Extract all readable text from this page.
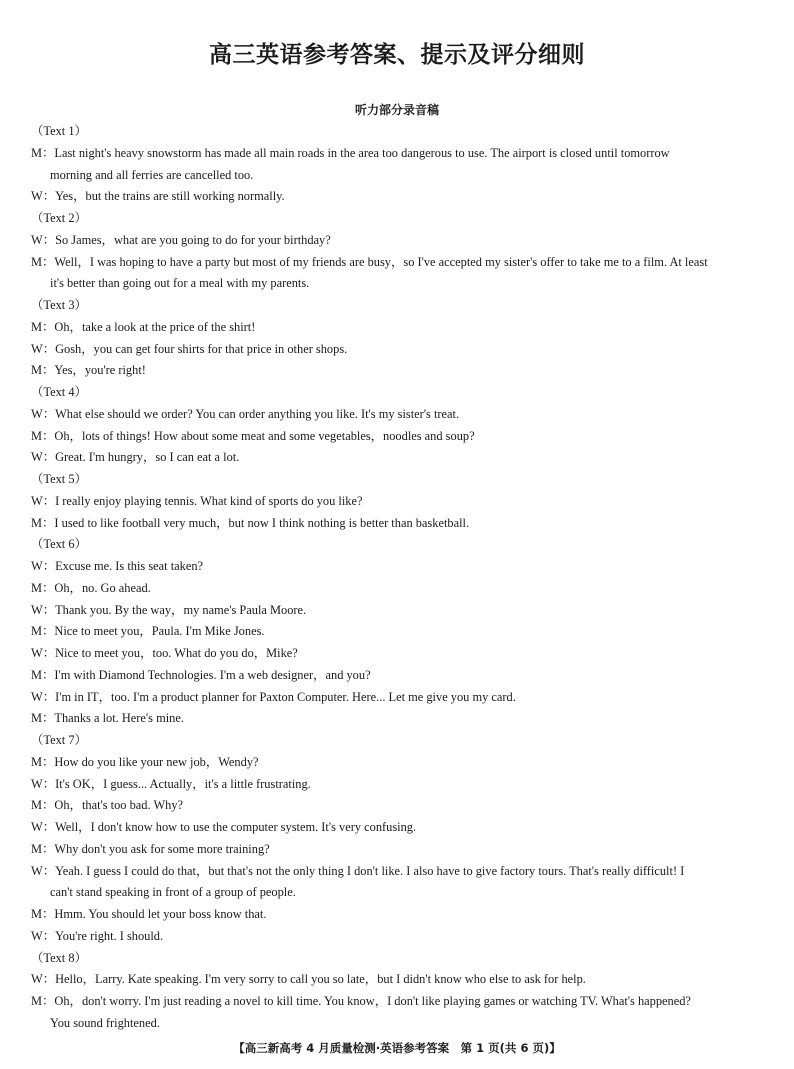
高三英语参考答案、提示及评分细则
听力部分录音稿
（Text 1）
M：Last night's heavy snowstorm has made all main roads in the area too dangerous to use. The airport is closed until tomorrow
morning and all ferries are cancelled too.
W：Yes，but the trains are still working normally.
（Text 2）
W：So James，what are you going to do for your birthday?
M：Well，I was hoping to have a party but most of my friends are busy，so I've accepted my sister's offer to take me to a film. At least
it's better than going out for a meal with my parents.
（Text 3）
M：Oh，take a look at the price of the shirt!
W：Gosh，you can get four shirts for that price in other shops.
M：Yes，you're right!
（Text 4）
W：What else should we order? You can order anything you like. It's my sister's treat.
M：Oh，lots of things! How about some meat and some vegetables，noodles and soup?
W：Great. I'm hungry，so I can eat a lot.
（Text 5）
W：I really enjoy playing tennis. What kind of sports do you like?
M：I used to like football very much，but now I think nothing is better than basketball.
（Text 6）
W：Excuse me. Is this seat taken?
M：Oh，no. Go ahead.
W：Thank you. By the way，my name's Paula Moore.
M：Nice to meet you，Paula. I'm Mike Jones.
W：Nice to meet you，too. What do you do，Mike?
M：I'm with Diamond Technologies. I'm a web designer，and you?
W：I'm in IT，too. I'm a product planner for Paxton Computer. Here... Let me give you my card.
M：Thanks a lot. Here's mine.
（Text 7）
M：How do you like your new job，Wendy?
W：It's OK，I guess... Actually，it's a little frustrating.
M：Oh，that's too bad. Why?
W：Well，I don't know how to use the computer system. It's very confusing.
M：Why don't you ask for some more training?
W：Yeah. I guess I could do that，but that's not the only thing I don't like. I also have to give factory tours. That's really difficult! I
can't stand speaking in front of a group of people.
M：Hmm. You should let your boss know that.
W：You're right. I should.
（Text 8）
W：Hello，Larry. Kate speaking. I'm very sorry to call you so late，but I didn't know who else to ask for help.
M：Oh，don't worry. I'm just reading a novel to kill time. You know，I don't like playing games or watching TV. What's happened?
You sound frightened.
【高三新高考 4 月质量检测·英语参考答案　第 1 页(共 6 页)】
